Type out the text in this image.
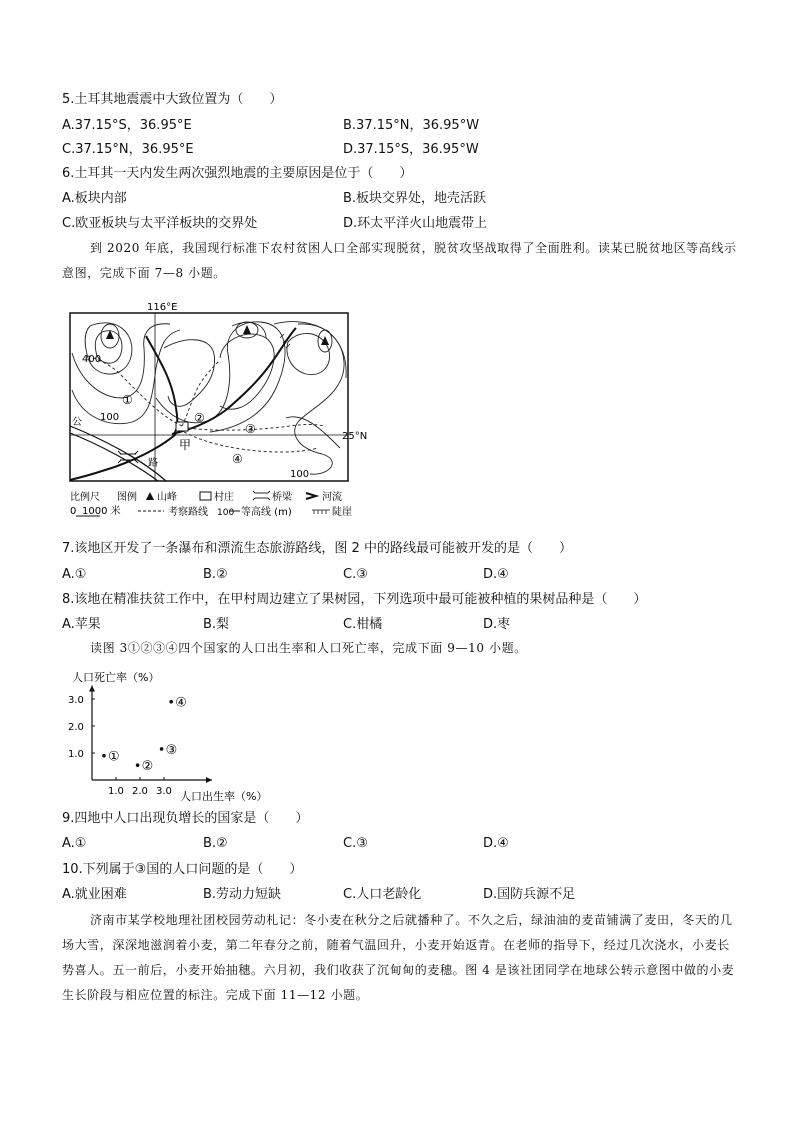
5.土耳其地震震中大致位置为（　　）
A.37.15°S，36.95°E	B.37.15°N，36.95°W
C.37.15°N，36.95°E	D.37.15°S，36.95°W
6.土耳其一天内发生两次强烈地震的主要原因是位于（　　）
A.板块内部	B.板块交界处，地壳活跃
C.欧亚板块与太平洋板块的交界处	D.环太平洋火山地震带上
到 2020 年底，我国现行标准下农村贫困人口全部实现脱贫，脱贫攻坚战取得了全面胜利。读某已脱贫地区等高线示意图，完成下面 7—8 小题。
116°E
25°N
公
路
甲
①
②
③
④
400
100
100
比例尺 图例 山峰	村庄	桥梁	河流
0 1000 米	考察路线 100 等高线 (m)	陡崖
7.该地区开发了一条瀑布和漂流生态旅游路线，图 2 中的路线最可能被开发的是（　　）
A.①	B.②	C.③	D.④
8.该地在精准扶贫工作中，在甲村周边建立了果树园，下列选项中最可能被种植的果树品种是（　　）
A.苹果	B.梨	C.柑橘	D.枣
读图 3①②③④四个国家的人口出生率和人口死亡率，完成下面 9—10 小题。
人口死亡率（%）
人口出生率（%）
1.0 2.0 3.0
1.0
2.0
3.0
①
②
③
④
9.四地中人口出现负增长的国家是（　　）
A.①	B.②	C.③	D.④
10.下列属于③国的人口问题的是（　　）
A.就业困难	B.劳动力短缺	C.人口老龄化	D.国防兵源不足
济南市某学校地理社团校园劳动札记：冬小麦在秋分之后就播种了。不久之后，绿油油的麦苗铺满了麦田，冬天的几场大雪，深深地滋润着小麦，第二年春分之前，随着气温回升，小麦开始返青。在老师的指导下，经过几次浇水，小麦长势喜人。五一前后，小麦开始抽穗。六月初，我们收获了沉甸甸的麦穗。图 4 是该社团同学在地球公转示意图中做的小麦生长阶段与相应位置的标注。完成下面 11—12 小题。
